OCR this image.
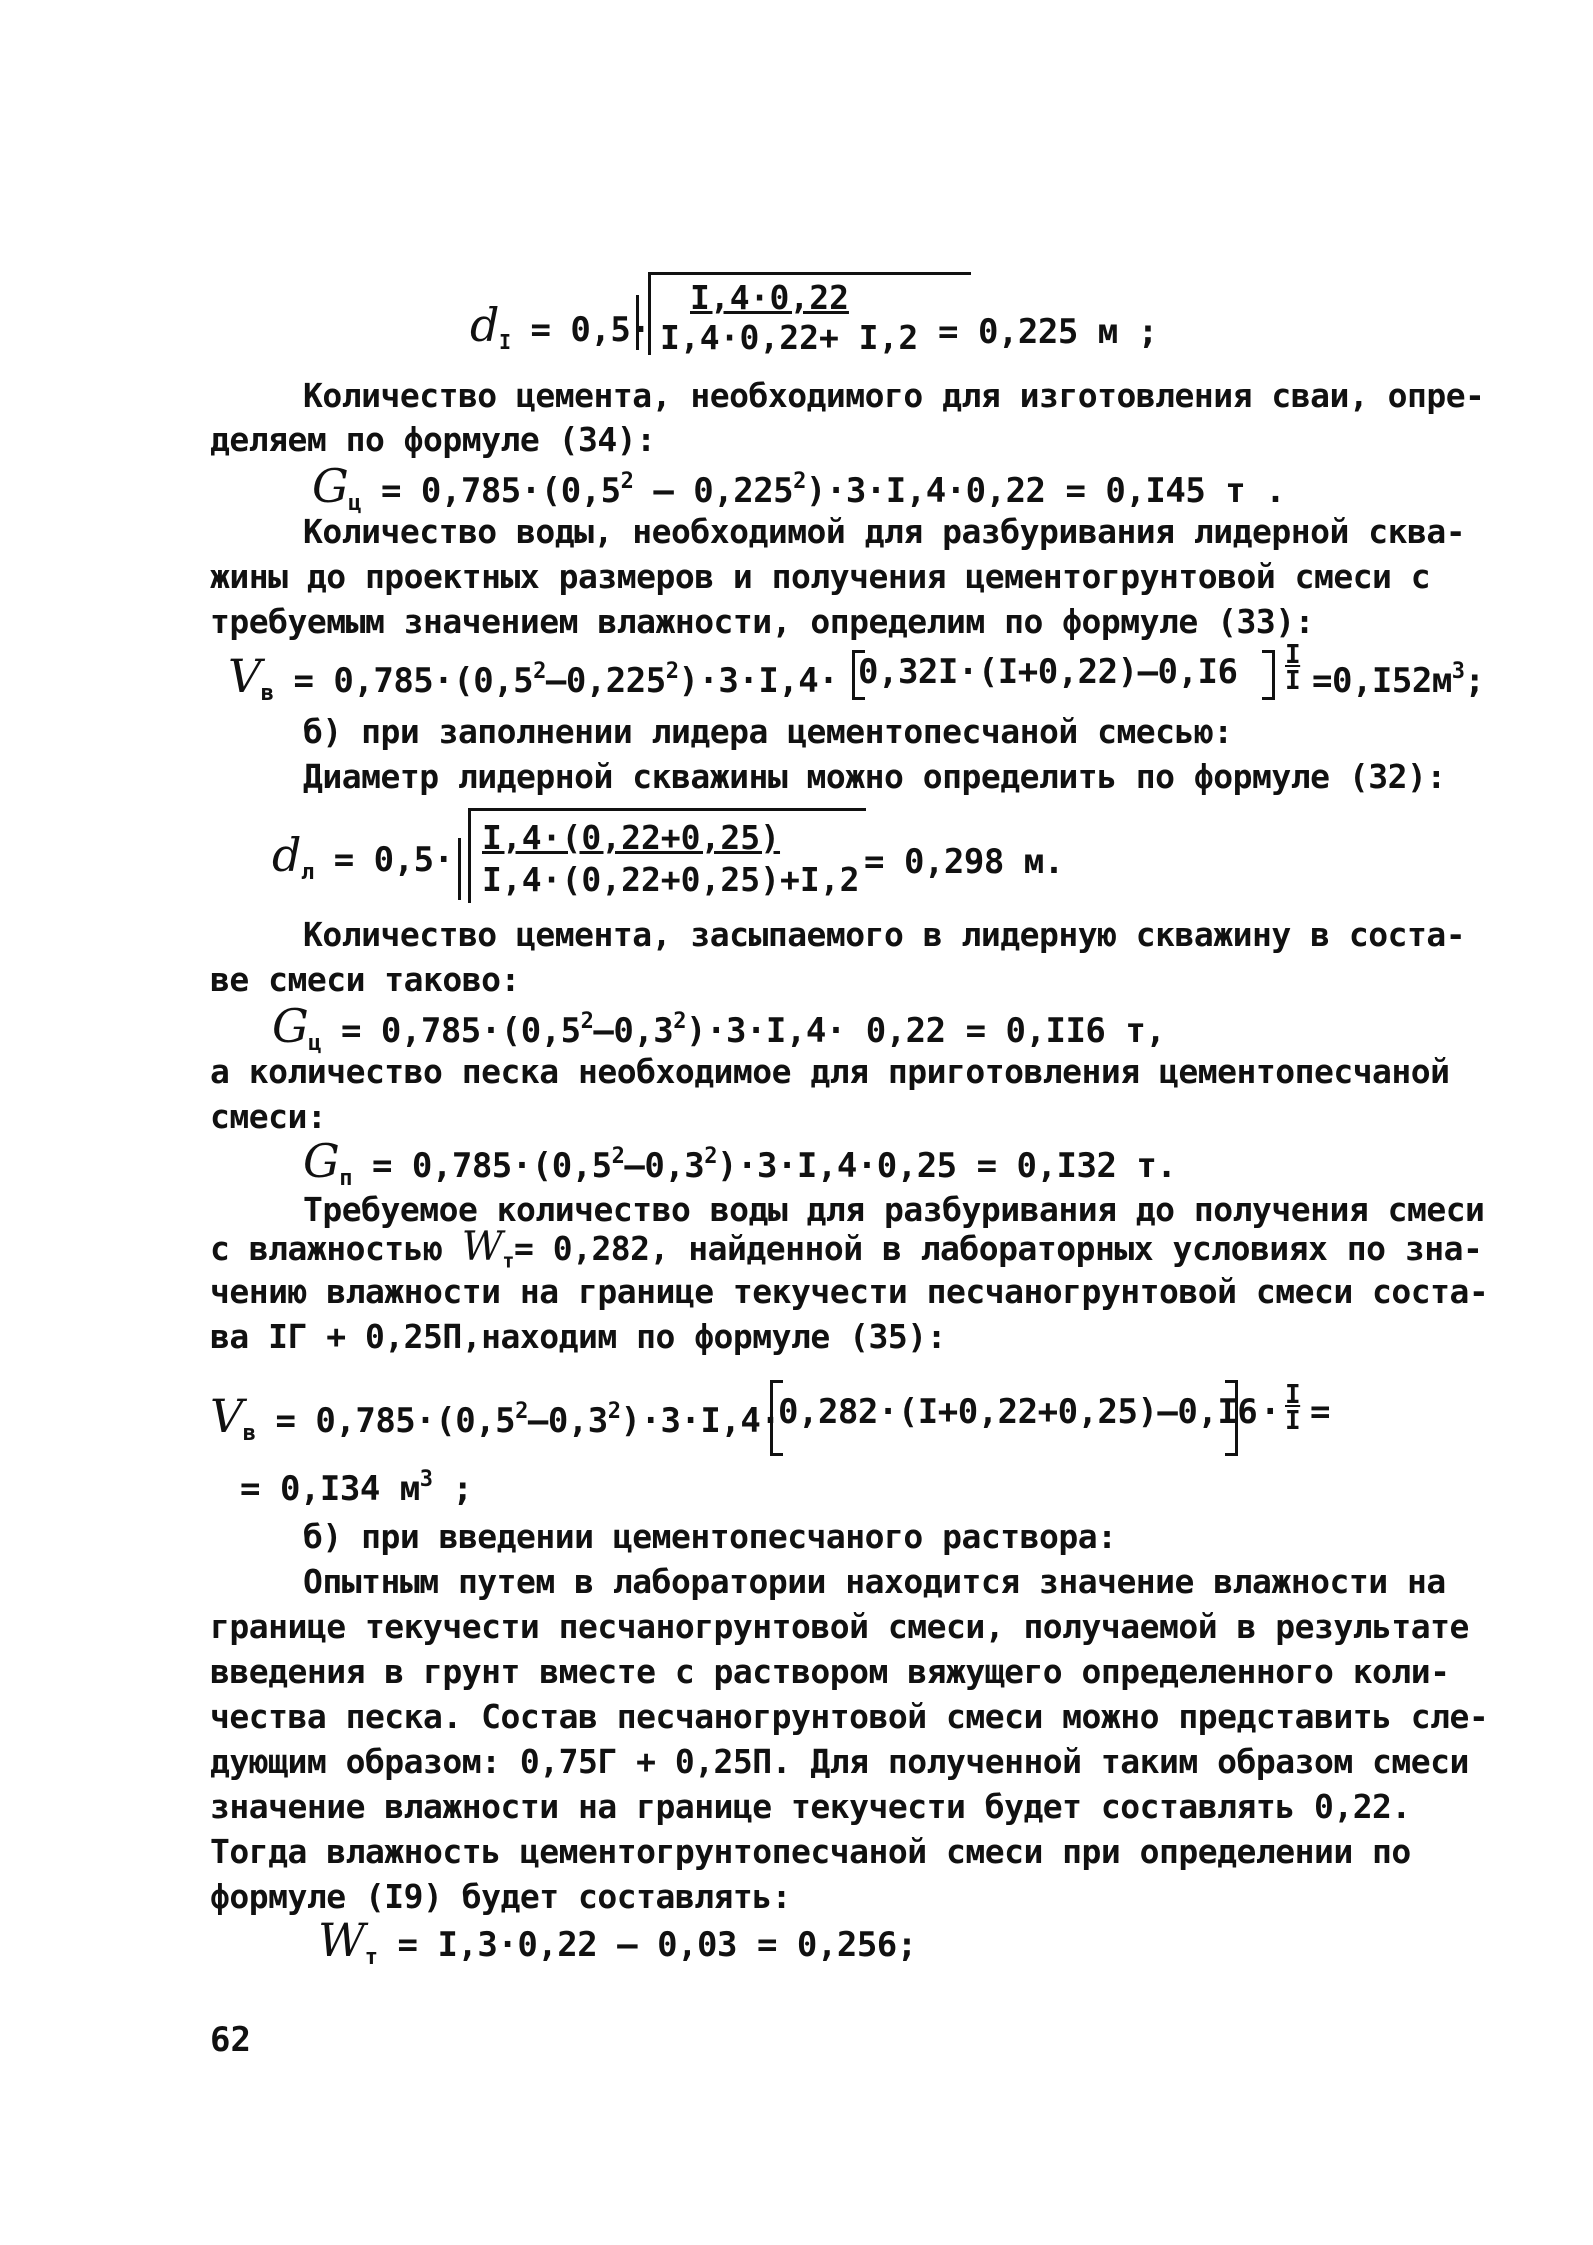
$d_I = 0,5\cdot \frac{I,4\cdot 0,22}{I,4\cdot 0,22+ I,2}$
= 0,225 м ;
Количество цемента, необходимого для изготовления сваи, опре-
деляем по формуле (34):
$G_ц = 0,785\cdot(0,5^2 - 0,225^2)\cdot 3\cdot I,4\cdot 0,22 = 0,I45$ т .
Количество воды, необходимой для разбуривания лидерной сква-
жины до проектных размеров и получения цементогрунтовой смеси с
требуемым значением влажности, определим по формуле (33):
$V_в = 0,785\cdot(0,5^2-0,225^2)\cdot 3\cdot I,4\cdot 0,32I\cdot(I+0,22)-0,I6$ I
$I =0,I52м^3$;
б) при заполнении лидера цементопесчаной смесью:
Диаметр лидерной скважины можно определить по формуле (32):
$d_л = 0,5\cdot \frac{I,4\cdot(0,22+0,25)}{I,4\cdot(0,22+0,25)+I,2} = 0,298$ м.
Количество цемента, засыпаемого в лидерную скважину в соста-
ве смеси таково:
$G_ц = 0,785\cdot(0,5^2-0,3^2)\cdot 3\cdot I,4\cdot 0,22 = 0,II6$ т,
а количество песка необходимое для приготовления цементопесчаной
смеси:
$G_п = 0,785\cdot(0,5^2-0,3^2)\cdot 3\cdot I,4\cdot 0,25 = 0,I32$ т.
Требуемое количество воды для разбуривания до получения смеси
с влажностью $W_т= 0,282$, найденной в лабораторных условиях по зна-
чению влажности на границе текучести песчаногрунтовой смеси соста-
ва IГ + 0,25П,находим по формуле (35):
$V_в = 0,785\cdot(0,5^2-0,3^2)\cdot 3\cdot I,4\cdot$
0,282·(I+0,22+0,25)–0,I6 · I
I =
= 0,I34 $м^3$ ;
б) при введении цементопесчаного раствора:
Опытным путем в лаборатории находится значение влажности на
границе текучести песчаногрунтовой смеси, получаемой в результате
введения в грунт вместе с раствором вяжущего определенного коли-
чества песка. Состав песчаногрунтовой смеси можно представить сле-
дующим образом: 0,75Г + 0,25П. Для полученной таким образом смеси
значение влажности на границе текучести будет составлять 0,22.
Тогда влажность цементогрунтопесчаной смеси при определении по
формуле (I9) будет составлять:
$W_т = I,3\cdot 0,22 - 0,03 = 0,256$;
62
